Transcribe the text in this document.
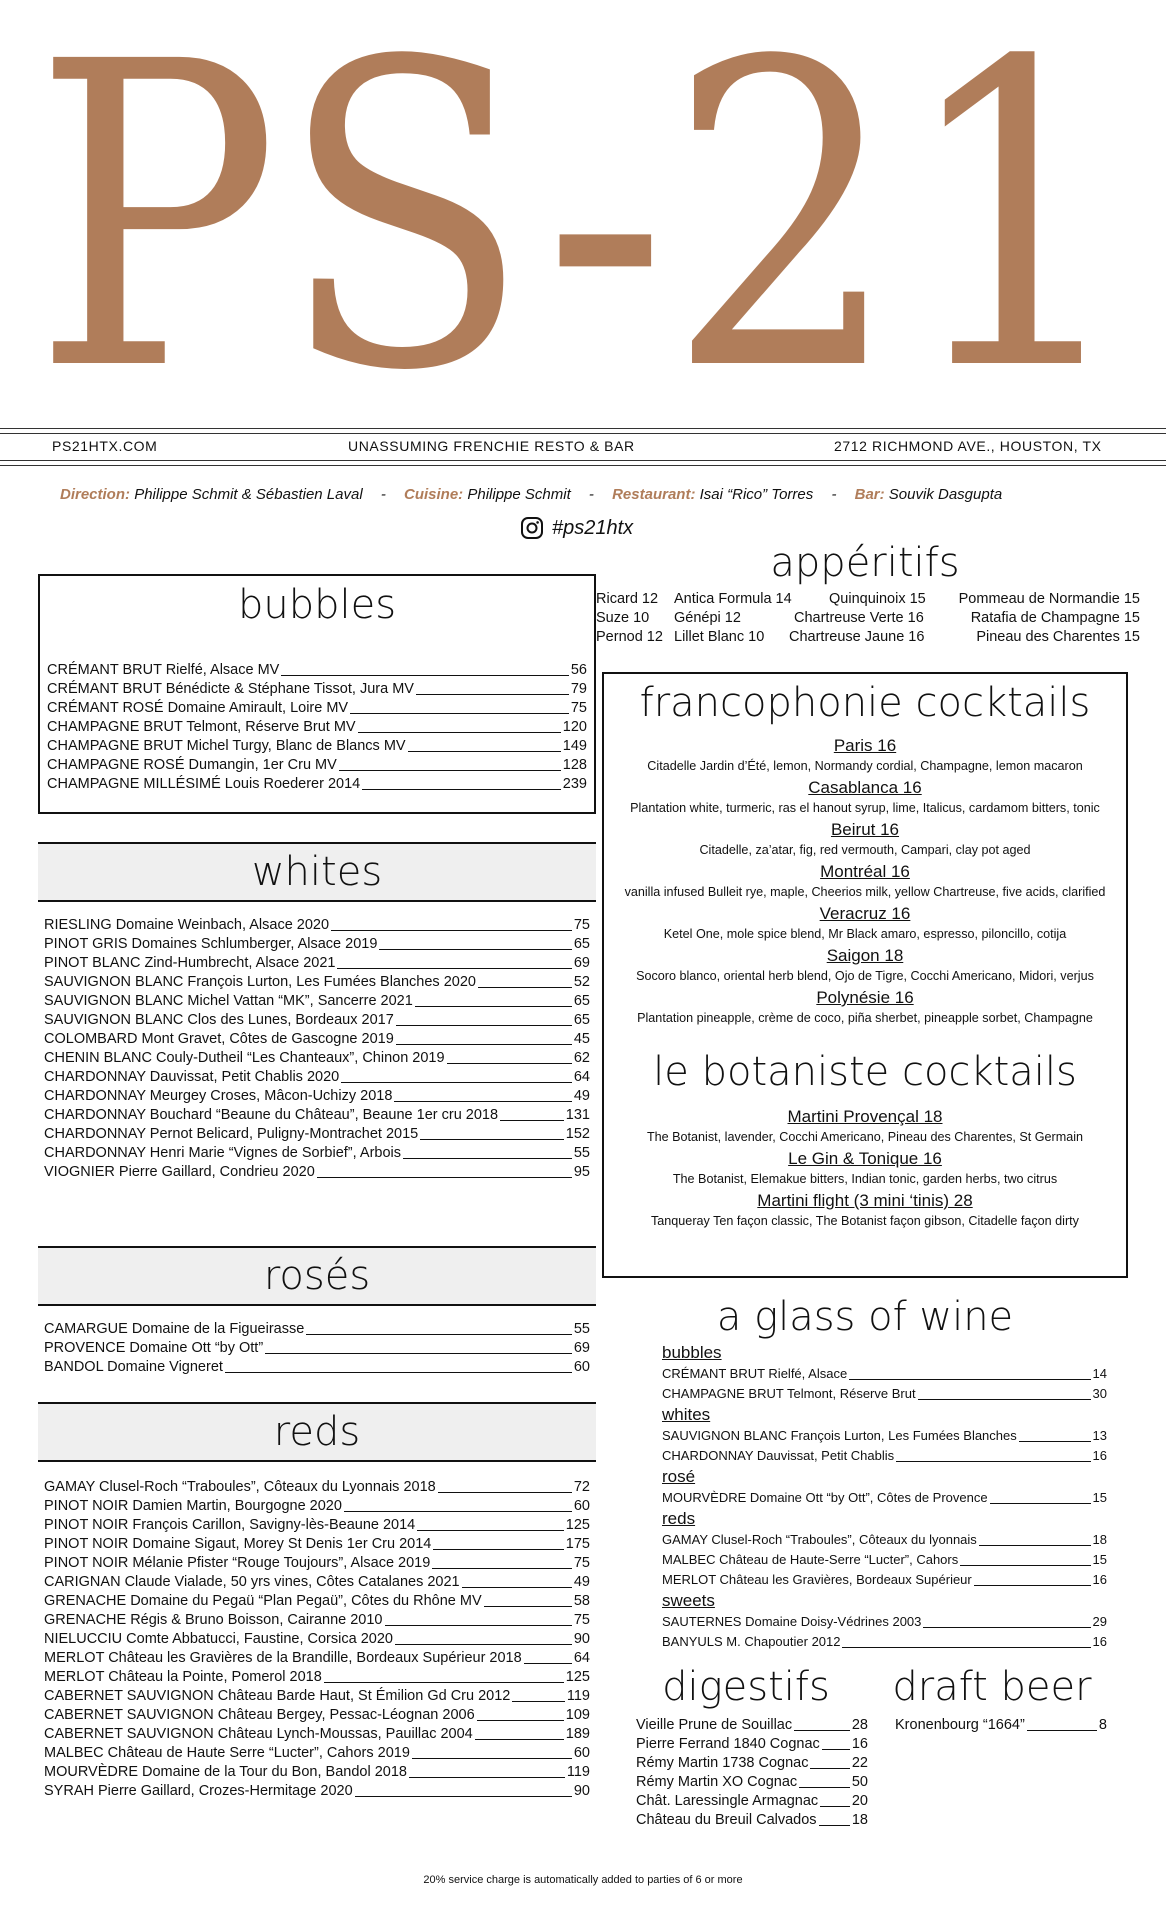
PS-21
PS21HTX.COM	UNASSUMING FRENCHIE RESTO & BAR	2712 RICHMOND AVE., HOUSTON, TX
Direction: Philippe Schmit & Sébastien Laval - Cuisine: Philippe Schmit - Restaurant: Isai “Rico” Torres - Bar: Souvik Dasgupta
#ps21htx
bubbles
CRÉMANT BRUT Rielfé, Alsace MV	56
CRÉMANT BRUT Bénédicte & Stéphane Tissot, Jura MV	79
CRÉMANT ROSÉ Domaine Amirault, Loire MV	75
CHAMPAGNE BRUT Telmont, Réserve Brut MV	120
CHAMPAGNE BRUT Michel Turgy, Blanc de Blancs MV	149
CHAMPAGNE ROSÉ Dumangin, 1er Cru MV	128
CHAMPAGNE MILLÉSIMÉ Louis Roederer 2014	239
whites
RIESLING Domaine Weinbach, Alsace 2020	75
PINOT GRIS Domaines Schlumberger, Alsace 2019	65
PINOT BLANC Zind-Humbrecht, Alsace 2021	69
SAUVIGNON BLANC François Lurton, Les Fumées Blanches 2020	52
SAUVIGNON BLANC Michel Vattan “MK”, Sancerre 2021	65
SAUVIGNON BLANC Clos des Lunes, Bordeaux 2017	65
COLOMBARD Mont Gravet, Côtes de Gascogne 2019	45
CHENIN BLANC Couly-Dutheil “Les Chanteaux”, Chinon 2019	62
CHARDONNAY Dauvissat, Petit Chablis 2020	64
CHARDONNAY Meurgey Croses, Mâcon-Uchizy 2018	49
CHARDONNAY Bouchard “Beaune du Château”, Beaune 1er cru 2018	131
CHARDONNAY Pernot Belicard, Puligny-Montrachet 2015	152
CHARDONNAY Henri Marie “Vignes de Sorbief”, Arbois	55
VIOGNIER Pierre Gaillard, Condrieu 2020	95
rosés
CAMARGUE Domaine de la Figueirasse	55
PROVENCE Domaine Ott “by Ott”	69
BANDOL Domaine Vigneret	60
reds
GAMAY Clusel-Roch “Traboules”, Côteaux du Lyonnais 2018	72
PINOT NOIR Damien Martin, Bourgogne 2020	60
PINOT NOIR François Carillon, Savigny-lès-Beaune 2014	125
PINOT NOIR Domaine Sigaut, Morey St Denis 1er Cru 2014	175
PINOT NOIR Mélanie Pfister “Rouge Toujours”, Alsace 2019	75
CARIGNAN Claude Vialade, 50 yrs vines, Côtes Catalanes 2021	49
GRENACHE Domaine du Pegaü “Plan Pegaü”, Côtes du Rhône MV	58
GRENACHE Régis & Bruno Boisson, Cairanne 2010	75
NIELUCCIU Comte Abbatucci, Faustine, Corsica 2020	90
MERLOT Château les Gravières de la Brandille, Bordeaux Supérieur 2018	64
MERLOT Château la Pointe, Pomerol 2018	125
CABERNET SAUVIGNON Château Barde Haut, St Émilion Gd Cru 2012	119
CABERNET SAUVIGNON Château Bergey, Pessac-Léognan 2006	109
CABERNET SAUVIGNON Château Lynch-Moussas, Pauillac 2004	189
MALBEC Château de Haute Serre “Lucter”, Cahors 2019	60
MOURVÈDRE Domaine de la Tour du Bon, Bandol 2018	119
SYRAH Pierre Gaillard, Crozes-Hermitage 2020	90
appéritifs
Ricard 12 Antica Formula 14	Quinquinoix 15 Pommeau de Normandie 15
Suze 10 Génépi 12	Chartreuse Verte 16	Ratafia de Champagne 15
Pernod 12 Lillet Blanc 10 Chartreuse Jaune 16	Pineau des Charentes 15
francophonie cocktails
Paris 16
Citadelle Jardin d’Été, lemon, Normandy cordial, Champagne, lemon macaron
Casablanca 16
Plantation white, turmeric, ras el hanout syrup, lime, Italicus, cardamom bitters, tonic
Beirut 16
Citadelle, za’atar, fig, red vermouth, Campari, clay pot aged
Montréal 16
vanilla infused Bulleit rye, maple, Cheerios milk, yellow Chartreuse, five acids, clarified
Veracruz 16
Ketel One, mole spice blend, Mr Black amaro, espresso, piloncillo, cotija
Saigon 18
Socoro blanco, oriental herb blend, Ojo de Tigre, Cocchi Americano, Midori, verjus
Polynésie 16
Plantation pineapple, crème de coco, piña sherbet, pineapple sorbet, Champagne
le botaniste cocktails
Martini Provençal 18
The Botanist, lavender, Cocchi Americano, Pineau des Charentes, St Germain
Le Gin & Tonique 16
The Botanist, Elemakue bitters, Indian tonic, garden herbs, two citrus
Martini flight (3 mini ‘tinis) 28
Tanqueray Ten façon classic, The Botanist façon gibson, Citadelle façon dirty
a glass of wine
bubbles
CRÉMANT BRUT Rielfé, Alsace	14
CHAMPAGNE BRUT Telmont, Réserve Brut	30
whites
SAUVIGNON BLANC François Lurton, Les Fumées Blanches	13
CHARDONNAY Dauvissat, Petit Chablis	16
rosé
MOURVÈDRE Domaine Ott “by Ott”, Côtes de Provence	15
reds
GAMAY Clusel-Roch “Traboules”, Côteaux du lyonnais	18
MALBEC Château de Haute-Serre “Lucter”, Cahors	15
MERLOT Château les Gravières, Bordeaux Supérieur	16
sweets
SAUTERNES Domaine Doisy-Védrines 2003	29
BANYULS M. Chapoutier 2012	16
digestifs
Vieille Prune de Souillac	28
Pierre Ferrand 1840 Cognac 16
Rémy Martin 1738 Cognac	22
Rémy Martin XO Cognac	50
Chât. Laressingle Armagnac 20
Château du Breuil Calvados 18
draft beer
Kronenbourg “1664”	8
20% service charge is automatically added to parties of 6 or more
